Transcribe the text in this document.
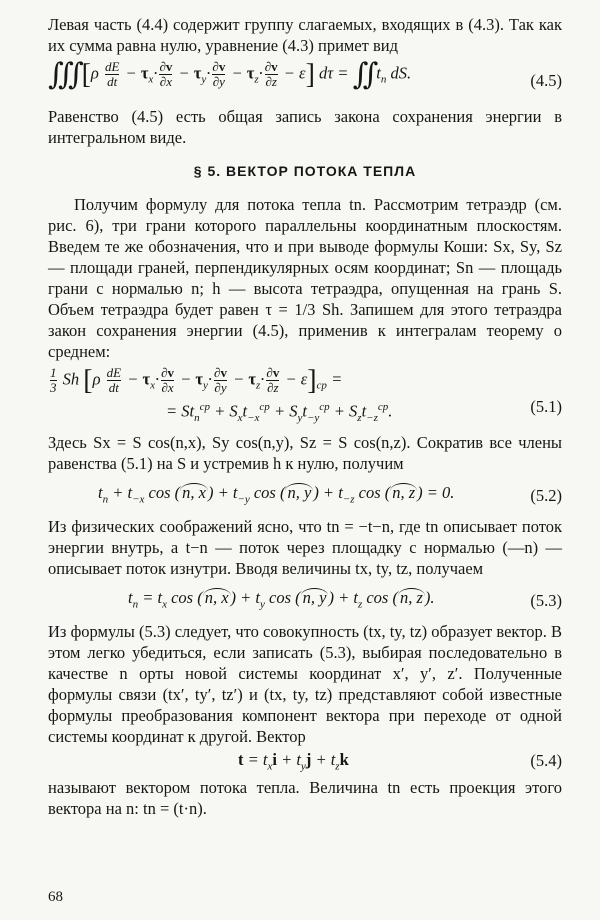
Левая часть (4.4) содержит группу слагаемых, входящих в (4.3). Так как их сумма равна нулю, уравнение (4.3) примет вид

∭ $[\rho \frac{dE}{dt} - \tau_x\cdot \frac{\partial v}{\partial x} - \tau_y\cdot \frac{\partial v}{\partial y} - \tau_z\cdot \frac{\partial v}{\partial z} - \varepsilon]$ dτ = ∬ $t_n$ dS.	(4.5)

Равенство (4.5) есть общая запись закона сохранения энергии в интегральном виде.

§ 5. ВЕКТОР ПОТОКА ТЕПЛА

Получим формулу для потока тепла tn. Рассмотрим тетраэдр (см. рис. 6), три грани которого параллельны координатным плоскостям. Введем те же обозначения, что и при выводе формулы Коши: Sx, Sy, Sz — площади граней, перпендикулярных осям координат; Sn — площадь грани с нормалью n; h — высота тетраэдра, опущенная на грань S. Объем тетраэдра будет равен τ = 1/3 Sh. Запишем для этого тетраэдра закон сохранения энергии (4.5), применив к интегралам теорему о среднем:

$\frac{1}{3}$ Sh $[\rho \frac{dE}{dt} - \tau_x\cdot \frac{\partial v}{\partial x} - \tau_y\cdot \frac{\partial v}{\partial y} - \tau_z\cdot \frac{\partial v}{\partial z} - \varepsilon]_{ср}$ =
= $St_n^{ср} + S_xt_{-x}^{ср} + S_yt_{-y}^{ср} + S_zt_{-z}^{ср}$.	(5.1)

Здесь Sx = S cos(n,x), Sy cos(n,y), Sz = S cos(n,z). Сократив все члены равенства (5.1) на S и устремив h к нулю, получим

$t_n + t_{-x}$ cos ( n, x ) + $t_{-y}$ cos ( n, y ) + $t_{-z}$ cos ( n, z ) = 0.	(5.2)

Из физических соображений ясно, что tn = −t−n, где tn описывает поток энергии внутрь, а t−n — поток через площадку с нормалью (—n) — описывает поток изнутри. Вводя величины tx, ty, tz, получаем

$t_n = t_x$ cos ( n, x ) + $t_y$ cos ( n, y ) + $t_z$ cos ( n, z ).	(5.3)

Из формулы (5.3) следует, что совокупность (tx, ty, tz) образует вектор. В этом легко убедиться, если записать (5.3), выбирая последовательно в качестве n орты новой системы координат x′, y′, z′. Полученные формулы связи (tx′, ty′, tz′) и (tx, ty, tz) представляют собой известные формулы преобразования компонент вектора при переходе от одной системы координат к другой. Вектор

$t = t_xi + t_yj + t_zk$	(5.4)

называют вектором потока тепла. Величина tn есть проекция этого вектора на n: tn = (t·n).

68
